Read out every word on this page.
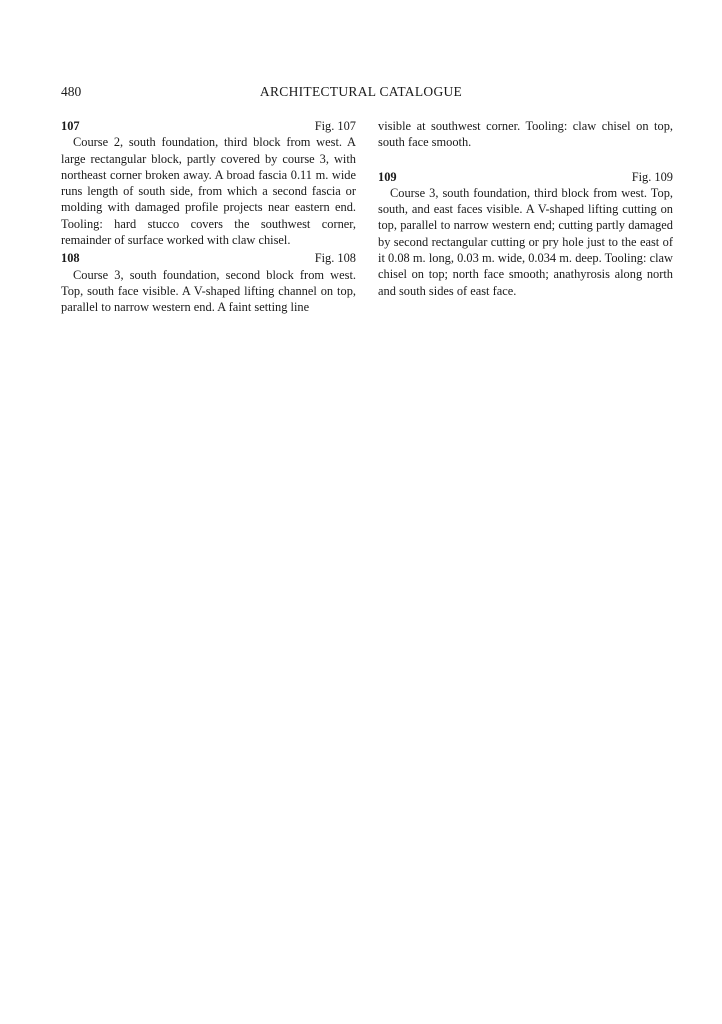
480	ARCHITECTURAL CATALOGUE
107	Fig. 107

Course 2, south foundation, third block from west. A large rectangular block, partly covered by course 3, with northeast corner broken away. A broad fascia 0.11 m. wide runs length of south side, from which a second fascia or molding with damaged profile projects near eastern end. Tooling: hard stucco covers the southwest corner, remainder of surface worked with claw chisel.

108	Fig. 108

Course 3, south foundation, second block from west. Top, south face visible. A V-shaped lifting channel on top, parallel to narrow western end. A faint setting line

visible at southwest corner. Tooling: claw chisel on top, south face smooth.

109	Fig. 109

Course 3, south foundation, third block from west. Top, south, and east faces visible. A V-shaped lifting cutting on top, parallel to narrow western end; cutting partly damaged by second rectangular cutting or pry hole just to the east of it 0.08 m. long, 0.03 m. wide, 0.034 m. deep. Tooling: claw chisel on top; north face smooth; anathyrosis along north and south sides of east face.
